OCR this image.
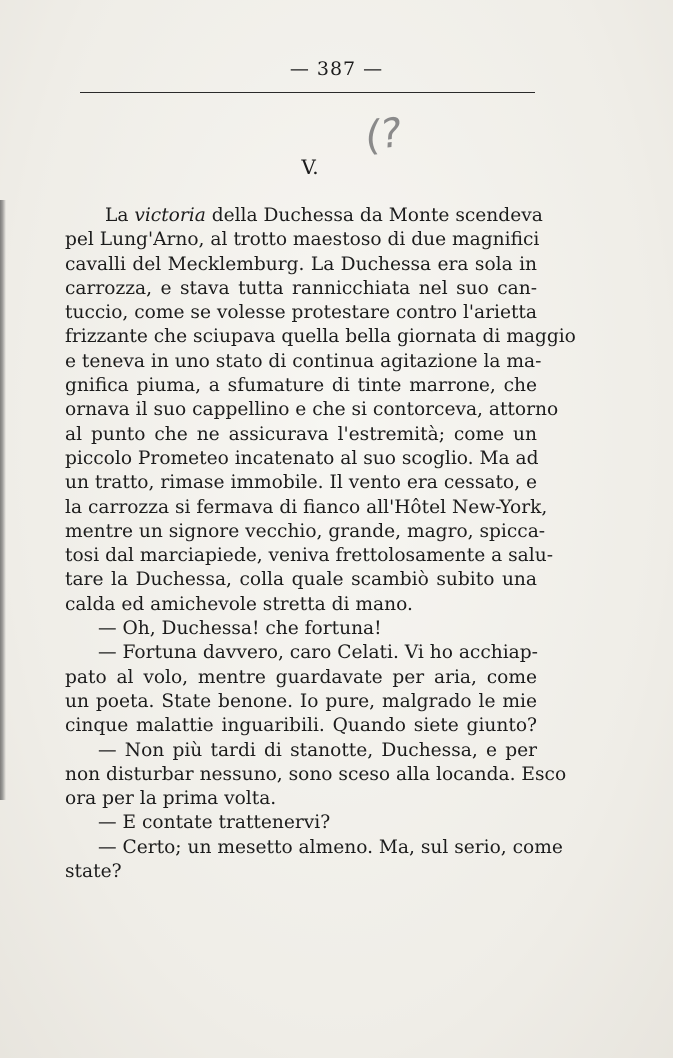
— 387 —
(?
V.
La victoria della Duchessa da Monte scendeva
pel Lung'Arno, al trotto maestoso di due magnifici
cavalli del Mecklemburg. La Duchessa era sola in
carrozza, e stava tutta rannicchiata nel suo can-
tuccio, come se volesse protestare contro l'arietta
frizzante che sciupava quella bella giornata di maggio
e teneva in uno stato di continua agitazione la ma-
gnifica piuma, a sfumature di tinte marrone, che
ornava il suo cappellino e che si contorceva, attorno
al punto che ne assicurava l'estremità; come un
piccolo Prometeo incatenato al suo scoglio. Ma ad
un tratto, rimase immobile. Il vento era cessato, e
la carrozza si fermava di fianco all'Hôtel New-York,
mentre un signore vecchio, grande, magro, spicca-
tosi dal marciapiede, veniva frettolosamente a salu-
tare la Duchessa, colla quale scambiò subito una
calda ed amichevole stretta di mano.
— Oh, Duchessa! che fortuna!
— Fortuna davvero, caro Celati. Vi ho acchiap-
pato al volo, mentre guardavate per aria, come
un poeta. State benone. Io pure, malgrado le mie
cinque malattie inguaribili. Quando siete giunto?
— Non più tardi di stanotte, Duchessa, e per
non disturbar nessuno, sono sceso alla locanda. Esco
ora per la prima volta.
— E contate trattenervi?
— Certo; un mesetto almeno. Ma, sul serio, come
state?
